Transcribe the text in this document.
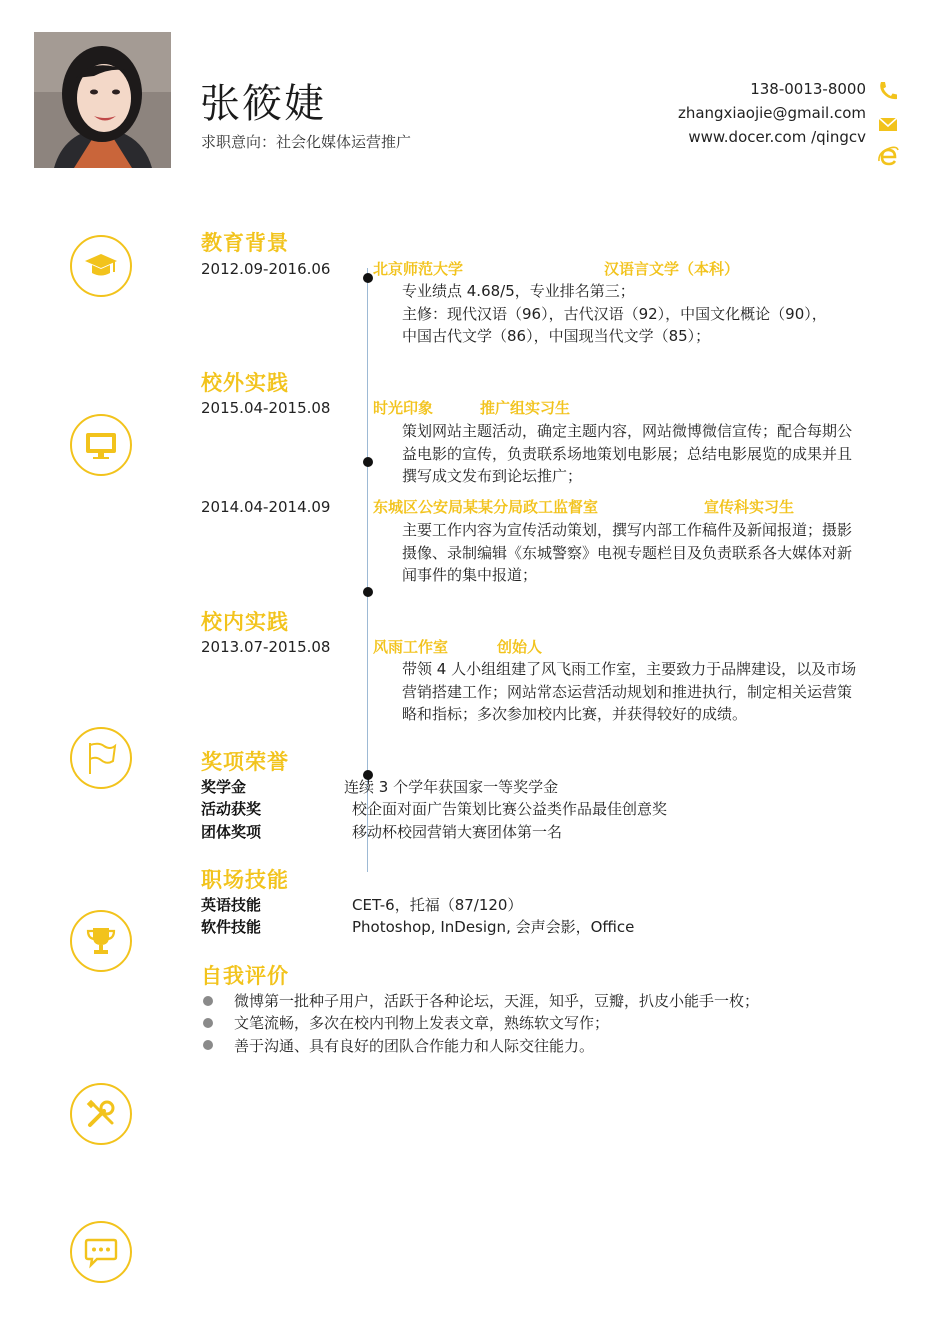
张筱婕
求职意向：社会化媒体运营推广
138-0013-8000
zhangxiaojie@gmail.com
www.docer.com /qingcv
教育背景
2012.09-2016.06	北京师范大学	汉语言文学（本科）
专业绩点 4.68/5，专业排名第三；
主修：现代汉语（96），古代汉语（92），中国文化概论（90），
中国古代文学（86），中国现当代文学（85）；
校外实践
2015.04-2015.08	时光印象	推广组实习生
策划网站主题活动，确定主题内容，网站微博微信宣传；配合每期公
益电影的宣传，负责联系场地策划电影展；总结电影展览的成果并且
撰写成文发布到论坛推广；
2014.04-2014.09	东城区公安局某某分局政工监督室	宣传科实习生
主要工作内容为宣传活动策划，撰写内部工作稿件及新闻报道；摄影
摄像、录制编辑《东城警察》电视专题栏目及负责联系各大媒体对新
闻事件的集中报道；
校内实践
2013.07-2015.08	风雨工作室	创始人
带领 4 人小组组建了风飞雨工作室，主要致力于品牌建设，以及市场
营销搭建工作；网站常态运营活动规划和推进执行，制定相关运营策
略和指标；多次参加校内比赛，并获得较好的成绩。
奖项荣誉
奖学金	连续 3 个学年获国家一等奖学金
活动获奖	校企面对面广告策划比赛公益类作品最佳创意奖
团体奖项	移动杯校园营销大赛团体第一名
职场技能
英语技能	CET-6，托福（87/120）
软件技能	Photoshop, InDesign, 会声会影，Office
自我评价
微博第一批种子用户，活跃于各种论坛，天涯，知乎，豆瓣，扒皮小能手一枚；
文笔流畅，多次在校内刊物上发表文章，熟练软文写作；
善于沟通、具有良好的团队合作能力和人际交往能力。
